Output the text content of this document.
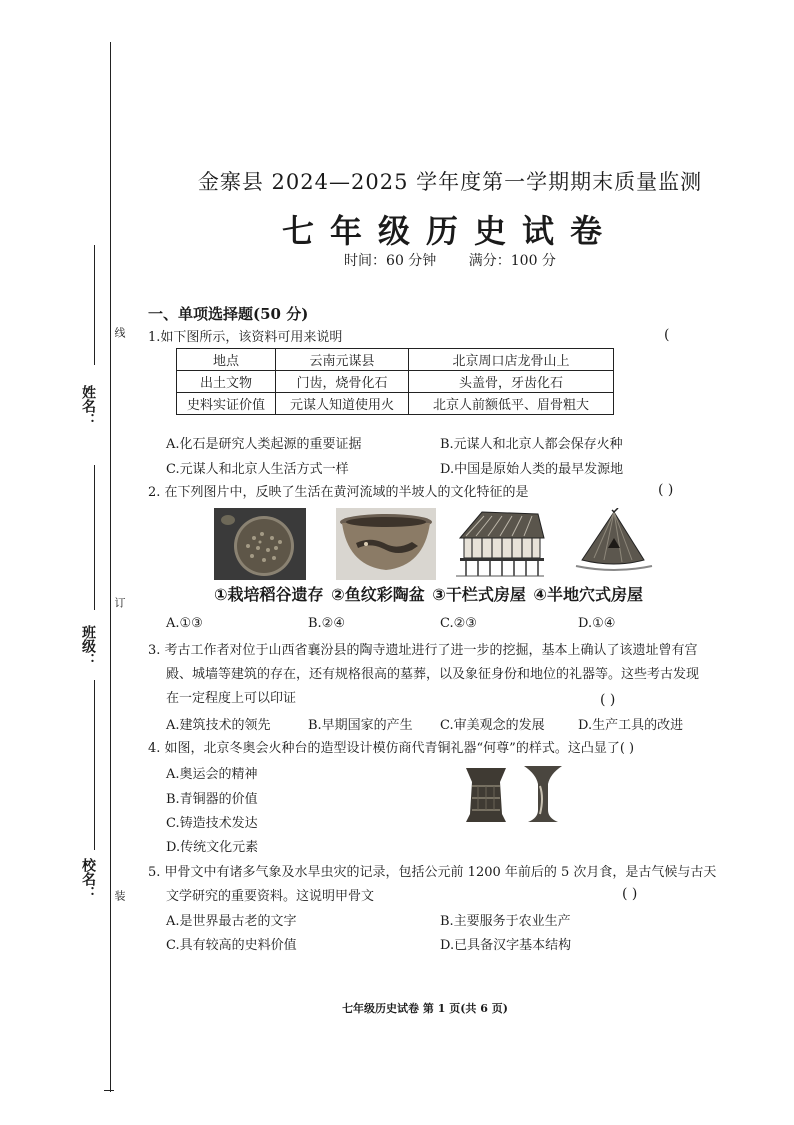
姓名：
班级：
校名：
线
订
装
金寨县 2024—2025 学年度第一学期期末质量监测
七年级历史试卷
时间：60 分钟 满分：100 分
一、单项选择题(50 分)
1.如下图所示，该资料可用来说明	(
地点	云南元谋县	北京周口店龙骨山上
出土文物	门齿，烧骨化石	头盖骨，牙齿化石
史料实证价值	元谋人知道使用火	北京人前额低平、眉骨粗大
A.化石是研究人类起源的重要证据	B.元谋人和北京人都会保存火种
C.元谋人和北京人生活方式一样	D.中国是原始人类的最早发源地
2. 在下列图片中，反映了生活在黄河流域的半坡人的文化特征的是	( )
①栽培稻谷遗存 ②鱼纹彩陶盆 ③干栏式房屋 ④半地穴式房屋
A.①③	B.②④	C.②③	D.①④
3. 考古工作者对位于山西省襄汾县的陶寺遗址进行了进一步的挖掘，基本上确认了该遗址曾有宫
殿、城墙等建筑的存在，还有规格很高的墓葬，以及象征身份和地位的礼器等。这些考古发现
在一定程度上可以印证	( )
A.建筑技术的领先	B.早期国家的产生 C.审美观念的发展	D.生产工具的改进
4. 如图，北京冬奥会火种台的造型设计模仿商代青铜礼器“何尊”的样式。这凸显了( )
A.奥运会的精神
B.青铜器的价值
C.铸造技术发达
D.传统文化元素
5. 甲骨文中有诸多气象及水旱虫灾的记录，包括公元前 1200 年前后的 5 次月食，是古气候与古天
文学研究的重要资料。这说明甲骨文	( )
A.是世界最古老的文字	B.主要服务于农业生产
C.具有较高的史料价值	D.已具备汉字基本结构
七年级历史试卷 第 1 页(共 6 页)
